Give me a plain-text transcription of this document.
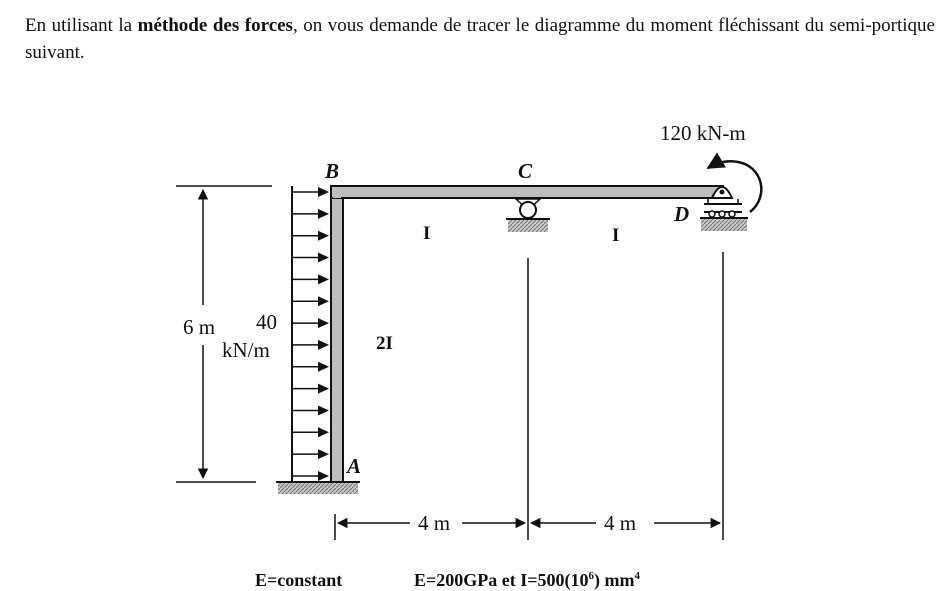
En utilisant la méthode des forces, on vous demande de tracer le diagramme du moment fléchissant du semi-portique suivant.
B	C
D
A
120 kN-m
40
kN/m
6 m
4 m	4 m
I	I
2I
E=constant	E=200GPa et $I=500(10^6)$ $mm^4$
